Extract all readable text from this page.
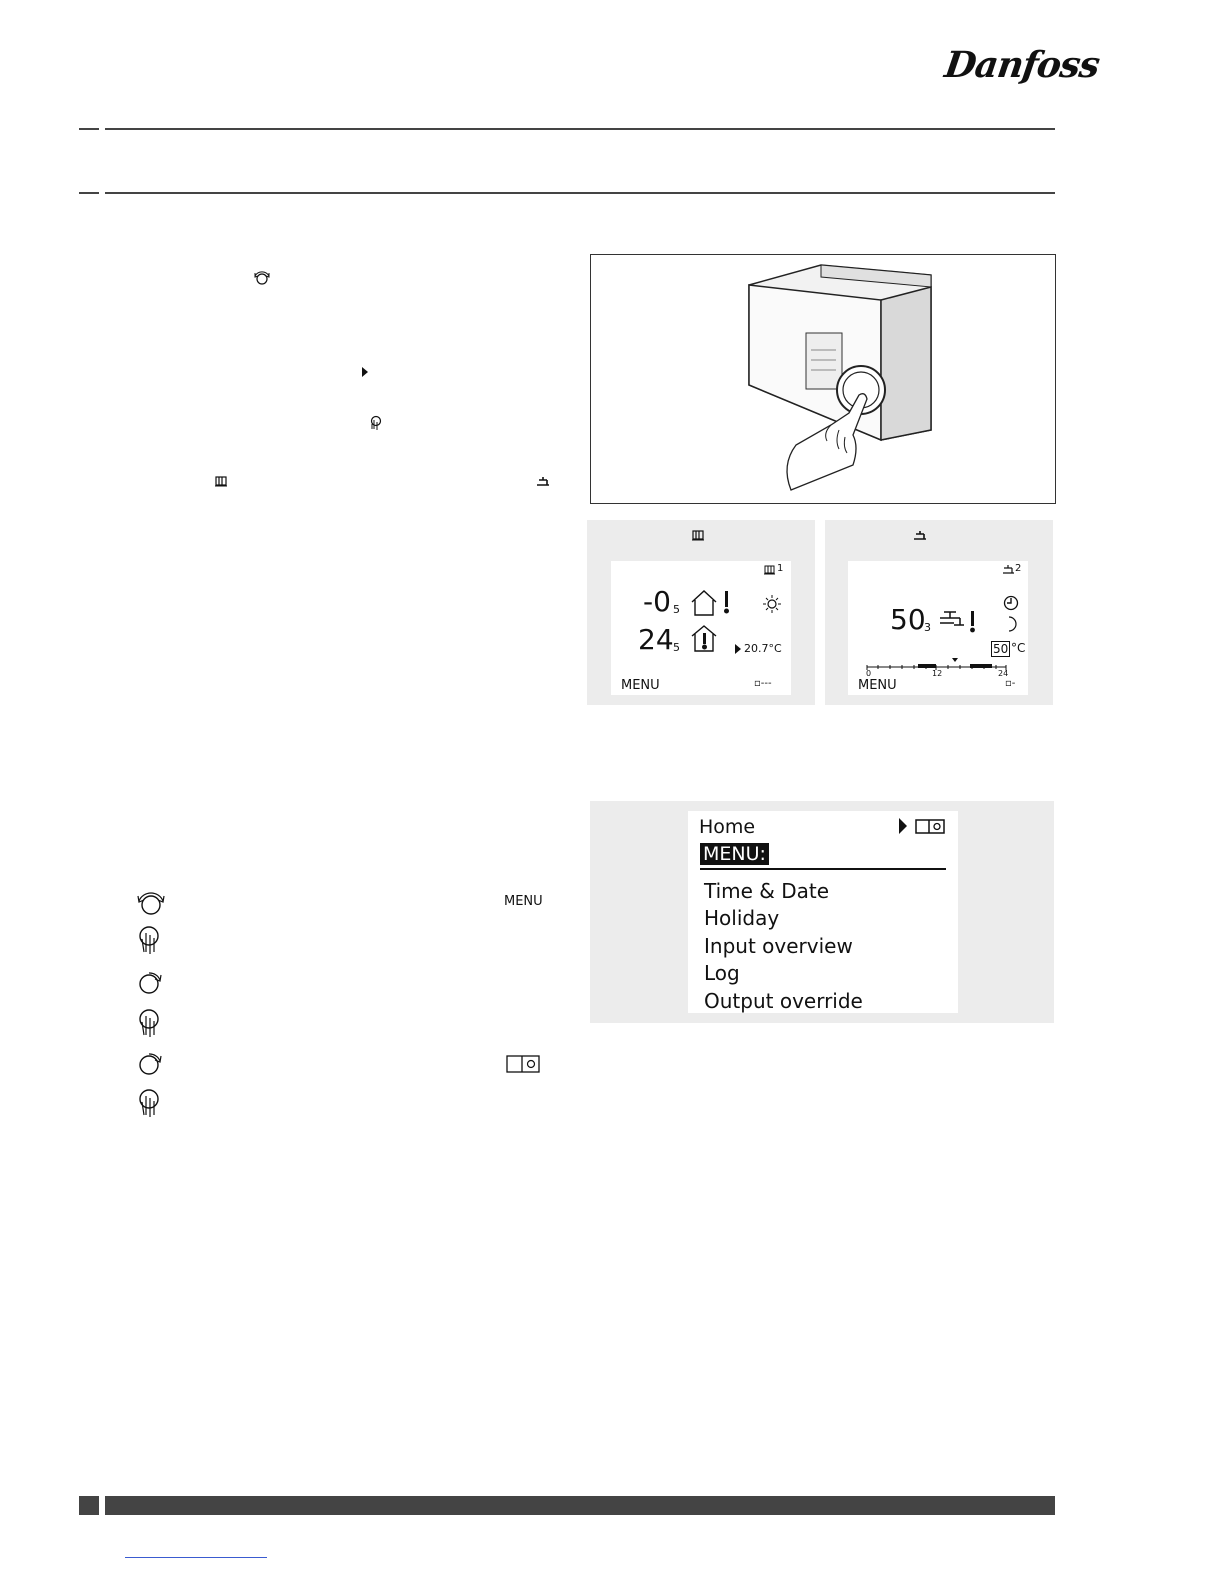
Danfoss
1
-0 5
24 5	20.7°C
MENU	▫---
2
50
3
50 °C
0	12	24
MENU	▫-
MENU
Home
MENU:
Time & Date
Holiday
Input overview
Log
Output override
